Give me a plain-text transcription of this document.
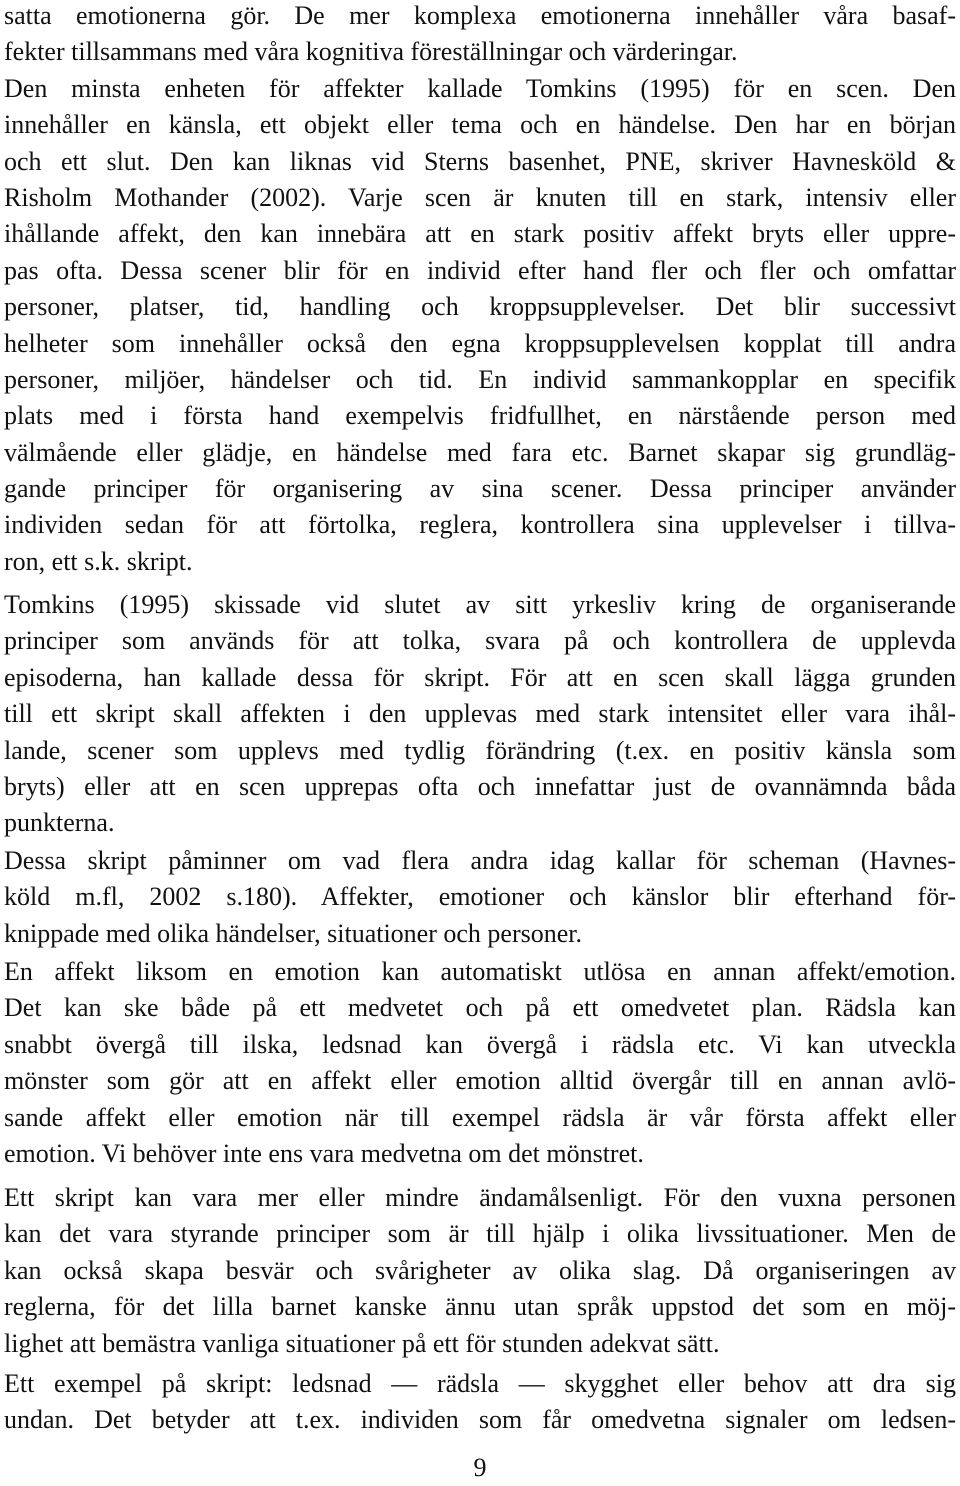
satta emotionerna gör. De mer komplexa emotionerna innehåller våra basaf-
fekter tillsammans med våra kognitiva föreställningar och värderingar.
Den minsta enheten för affekter kallade Tomkins (1995) för en scen. Den
innehåller en känsla, ett objekt eller tema och en händelse. Den har en början
och ett slut. Den kan liknas vid Sterns basenhet, PNE, skriver Havnesköld &
Risholm Mothander (2002). Varje scen är knuten till en stark, intensiv eller
ihållande affekt, den kan innebära att en stark positiv affekt bryts eller uppre-
pas ofta. Dessa scener blir för en individ efter hand fler och fler och omfattar
personer, platser, tid, handling och kroppsupplevelser. Det blir successivt
helheter som innehåller också den egna kroppsupplevelsen kopplat till andra
personer, miljöer, händelser och tid. En individ sammankopplar en specifik
plats med i första hand exempelvis fridfullhet, en närstående person med
välmående eller glädje, en händelse med fara etc. Barnet skapar sig grundläg-
gande principer för organisering av sina scener. Dessa principer använder
individen sedan för att förtolka, reglera, kontrollera sina upplevelser i tillva-
ron, ett s.k. skript.
Tomkins (1995) skissade vid slutet av sitt yrkesliv kring de organiserande
principer som används för att tolka, svara på och kontrollera de upplevda
episoderna, han kallade dessa för skript. För att en scen skall lägga grunden
till ett skript skall affekten i den upplevas med stark intensitet eller vara ihål-
lande, scener som upplevs med tydlig förändring (t.ex. en positiv känsla som
bryts) eller att en scen upprepas ofta och innefattar just de ovannämnda båda
punkterna.
Dessa skript påminner om vad flera andra idag kallar för scheman (Havnes-
köld m.fl, 2002 s.180). Affekter, emotioner och känslor blir efterhand för-
knippade med olika händelser, situationer och personer.
En affekt liksom en emotion kan automatiskt utlösa en annan affekt/emotion.
Det kan ske både på ett medvetet och på ett omedvetet plan. Rädsla kan
snabbt övergå till ilska, ledsnad kan övergå i rädsla etc. Vi kan utveckla
mönster som gör att en affekt eller emotion alltid övergår till en annan avlö-
sande affekt eller emotion när till exempel rädsla är vår första affekt eller
emotion. Vi behöver inte ens vara medvetna om det mönstret.
Ett skript kan vara mer eller mindre ändamålsenligt. För den vuxna personen
kan det vara styrande principer som är till hjälp i olika livssituationer. Men de
kan också skapa besvär och svårigheter av olika slag. Då organiseringen av
reglerna, för det lilla barnet kanske ännu utan språk uppstod det som en möj-
lighet att bemästra vanliga situationer på ett för stunden adekvat sätt.
Ett exempel på skript: ledsnad — rädsla — skygghet eller behov att dra sig
undan. Det betyder att t.ex. individen som får omedvetna signaler om ledsen-
9
